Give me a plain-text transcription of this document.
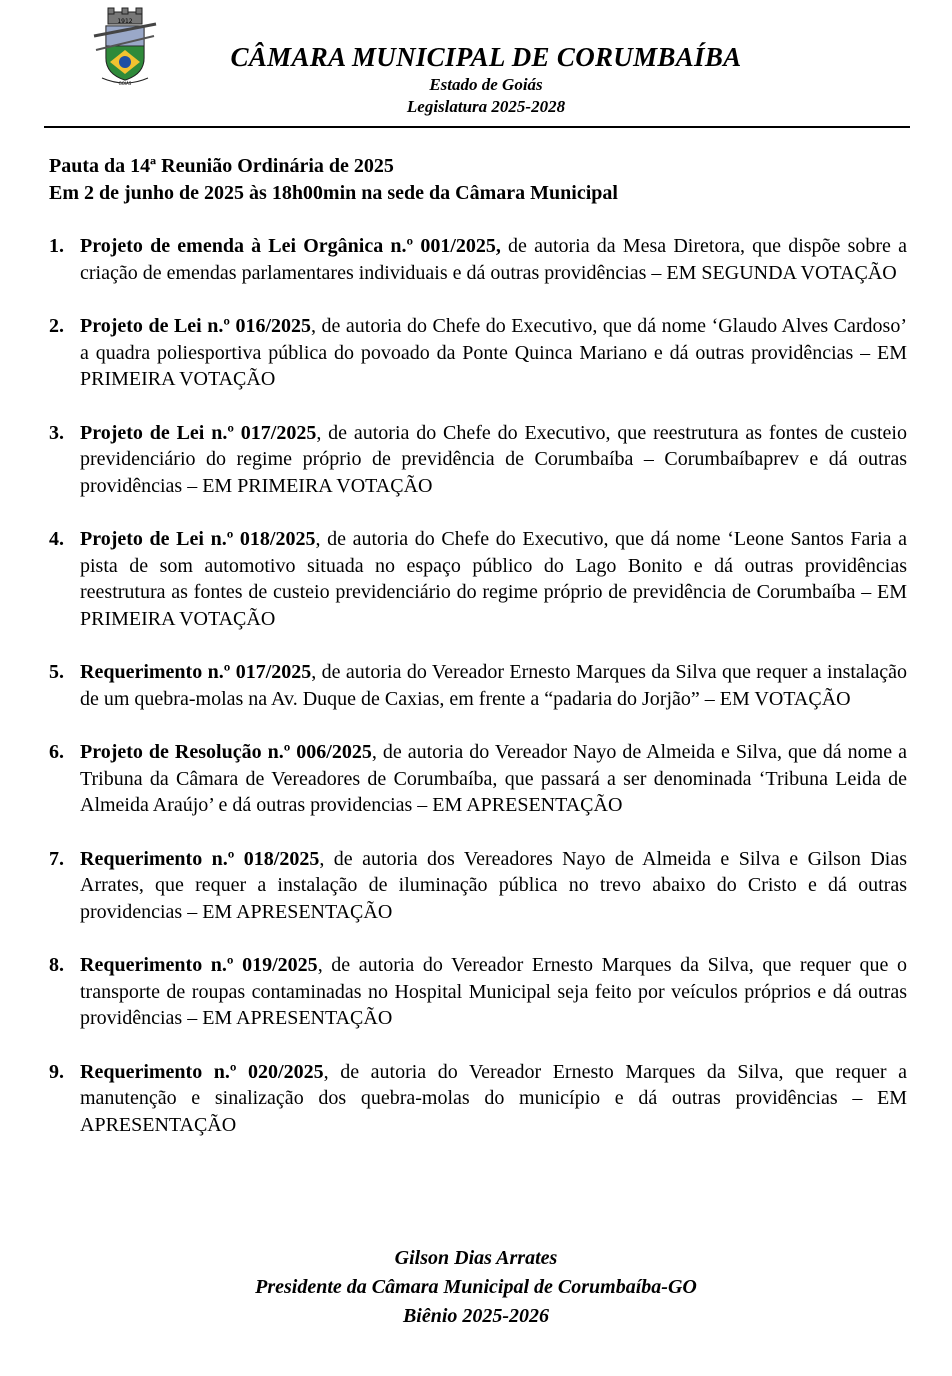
1912
GOIÁS
CÂMARA MUNICIPAL DE CORUMBAÍBA
Estado de Goiás
Legislatura 2025-2028
Pauta da 14ª Reunião Ordinária de 2025
Em 2 de junho de 2025 às 18h00min na sede da Câmara Municipal
1. Projeto de emenda à Lei Orgânica n.º 001/2025, de autoria da Mesa Diretora, que dispõe sobre a criação de emendas parlamentares individuais e dá outras providências – EM SEGUNDA VOTAÇÃO
2. Projeto de Lei n.º 016/2025, de autoria do Chefe do Executivo, que dá nome ‘Glaudo Alves Cardoso’ a quadra poliesportiva pública do povoado da Ponte Quinca Mariano e dá outras providências – EM PRIMEIRA VOTAÇÃO
3. Projeto de Lei n.º 017/2025, de autoria do Chefe do Executivo, que reestrutura as fontes de custeio previdenciário do regime próprio de previdência de Corumbaíba – Corumbaíbaprev e dá outras providências – EM PRIMEIRA VOTAÇÃO
4. Projeto de Lei n.º 018/2025, de autoria do Chefe do Executivo, que dá nome ‘Leone Santos Faria a pista de som automotivo situada no espaço público do Lago Bonito e dá outras providências reestrutura as fontes de custeio previdenciário do regime próprio de previdência de Corumbaíba – EM PRIMEIRA VOTAÇÃO
5. Requerimento n.º 017/2025, de autoria do Vereador Ernesto Marques da Silva que requer a instalação de um quebra-molas na Av. Duque de Caxias, em frente a “padaria do Jorjão” – EM VOTAÇÃO
6. Projeto de Resolução n.º 006/2025, de autoria do Vereador Nayo de Almeida e Silva, que dá nome a Tribuna da Câmara de Vereadores de Corumbaíba, que passará a ser denominada ‘Tribuna Leida de Almeida Araújo’ e dá outras providencias – EM APRESENTAÇÃO
7. Requerimento n.º 018/2025, de autoria dos Vereadores Nayo de Almeida e Silva e Gilson Dias Arrates, que requer a instalação de iluminação pública no trevo abaixo do Cristo e dá outras providencias – EM APRESENTAÇÃO
8. Requerimento n.º 019/2025, de autoria do Vereador Ernesto Marques da Silva, que requer que o transporte de roupas contaminadas no Hospital Municipal seja feito por veículos próprios e dá outras providências – EM APRESENTAÇÃO
9. Requerimento n.º 020/2025, de autoria do Vereador Ernesto Marques da Silva, que requer a manutenção e sinalização dos quebra-molas do município e dá outras providências – EM APRESENTAÇÃO
Gilson Dias Arrates
Presidente da Câmara Municipal de Corumbaíba-GO
Biênio 2025-2026
